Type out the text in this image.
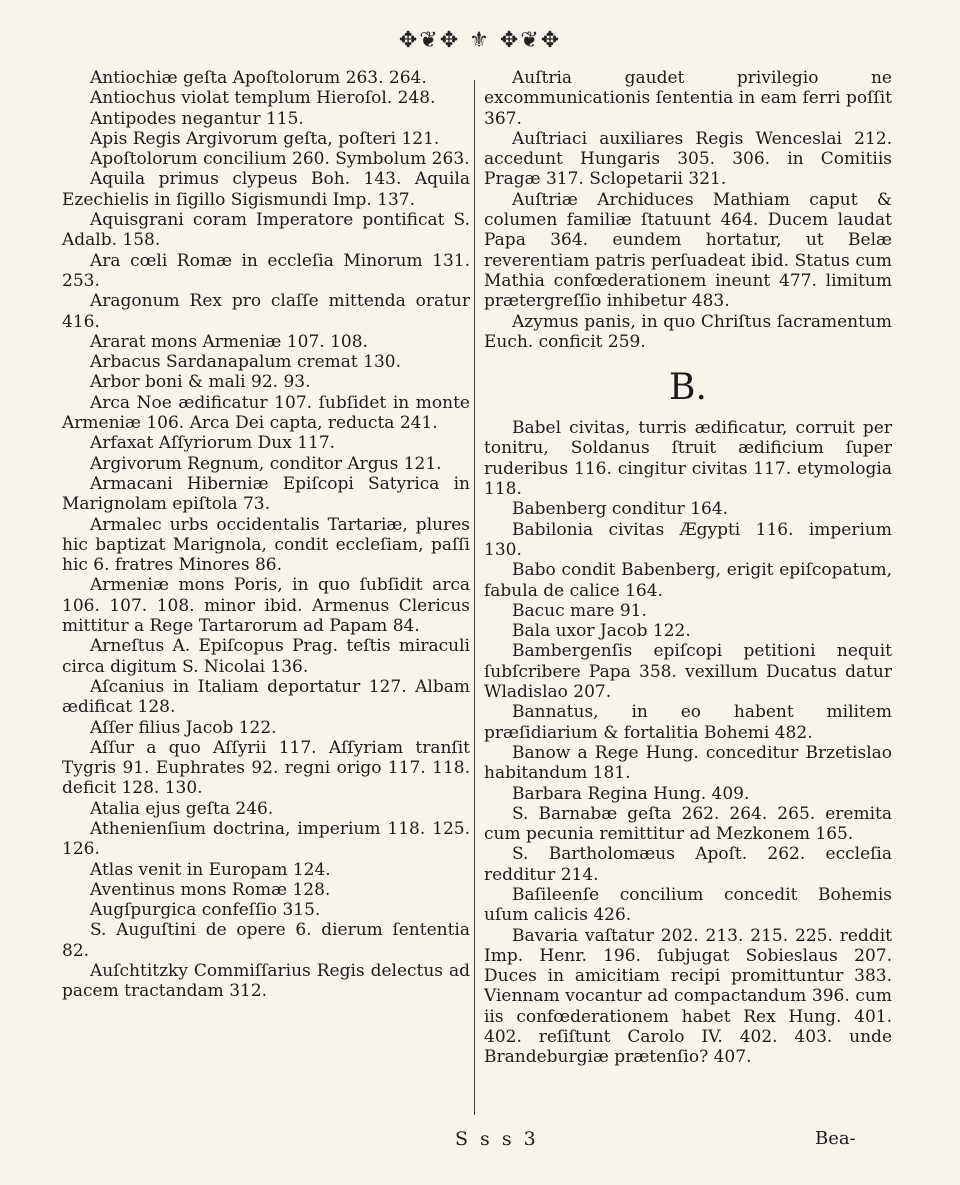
✥❦✥ ⚜ ✥❦✥
Antiochiæ geſta Apoſtolorum 263. 264.
Antiochus violat templum Hieroſol. 248.
Antipodes negantur 115.
Apis Regis Argivorum geſta, poſteri 121.
Apoſtolorum concilium 260. Symbolum 263.
Aquila primus clypeus Boh. 143. Aquila Ezechielis in ſigillo Sigismundi Imp. 137.
Aquisgrani coram Imperatore pontificat S. Adalb. 158.
Ara cœli Romæ in eccleſia Minorum 131. 253.
Aragonum Rex pro claſſe mittenda oratur 416.
Ararat mons Armeniæ 107. 108.
Arbacus Sardanapalum cremat 130.
Arbor boni & mali 92. 93.
Arca Noe ædificatur 107. ſubſidet in monte Armeniæ 106. Arca Dei capta, reducta 241.
Arfaxat Aſſyriorum Dux 117.
Argivorum Regnum, conditor Argus 121.
Armacani Hiberniæ Epiſcopi Satyrica in Marignolam epiſtola 73.
Armalec urbs occidentalis Tartariæ, plures hic baptizat Marignola, condit eccleſiam, paſſi hic 6. fratres Minores 86.
Armeniæ mons Poris, in quo ſubſidit arca 106. 107. 108. minor ibid. Armenus Clericus mittitur a Rege Tartarorum ad Papam 84.
Arneſtus A. Epiſcopus Prag. teſtis miraculi circa digitum S. Nicolai 136.
Aſcanius in Italiam deportatur 127. Albam ædificat 128.
Aſſer filius Jacob 122.
Aſſur a quo Aſſyrii 117. Aſſyriam tranſit Tygris 91. Euphrates 92. regni origo 117. 118. deficit 128. 130.
Atalia ejus geſta 246.
Athenienſium doctrina, imperium 118. 125. 126.
Atlas venit in Europam 124.
Aventinus mons Romæ 128.
Augſpurgica confeſſio 315.
S. Auguſtini de opere 6. dierum ſententia 82.
Auſchtitzky Commiſſarius Regis delectus ad pacem tractandam 312.
Auſtria gaudet privilegio ne excommunicationis ſententia in eam ferri poſſit 367.
Auſtriaci auxiliares Regis Wenceslai 212. accedunt Hungaris 305. 306. in Comitiis Pragæ 317. Sclopetarii 321.
Auſtriæ Archiduces Mathiam caput & columen familiæ ſtatuunt 464. Ducem laudat Papa 364. eundem hortatur, ut Belæ reverentiam patris perſuadeat ibid. Status cum Mathia confœderationem ineunt 477. limitum prætergreſſio inhibetur 483.
Azymus panis, in quo Chriſtus ſacramentum Euch. conficit 259.
B.
Babel civitas, turris ædificatur, corruit per tonitru, Soldanus ſtruit ædificium ſuper ruderibus 116. cingitur civitas 117. etymologia 118.
Babenberg conditur 164.
Babilonia civitas Ægypti 116. imperium 130.
Babo condit Babenberg, erigit epiſcopatum, fabula de calice 164.
Bacuc mare 91.
Bala uxor Jacob 122.
Bambergenſis epiſcopi petitioni nequit ſubſcribere Papa 358. vexillum Ducatus datur Wladislao 207.
Bannatus, in eo habent militem præſidiarium & fortalitia Bohemi 482.
Banow a Rege Hung. conceditur Brzetislao habitandum 181.
Barbara Regina Hung. 409.
S. Barnabæ geſta 262. 264. 265. eremita cum pecunia remittitur ad Mezkonem 165.
S. Bartholomæus Apoſt. 262. eccleſia redditur 214.
Baſileenſe concilium concedit Bohemis uſum calicis 426.
Bavaria vaſtatur 202. 213. 215. 225. reddit Imp. Henr. 196. ſubjugat Sobieslaus 207. Duces in amicitiam recipi promittuntur 383. Viennam vocantur ad compactandum 396. cum iis confœderationem habet Rex Hung. 401. 402. reſiſtunt Carolo IV. 402. 403. unde Brandeburgiæ prætenſio? 407.
S s s 3	Bea-
